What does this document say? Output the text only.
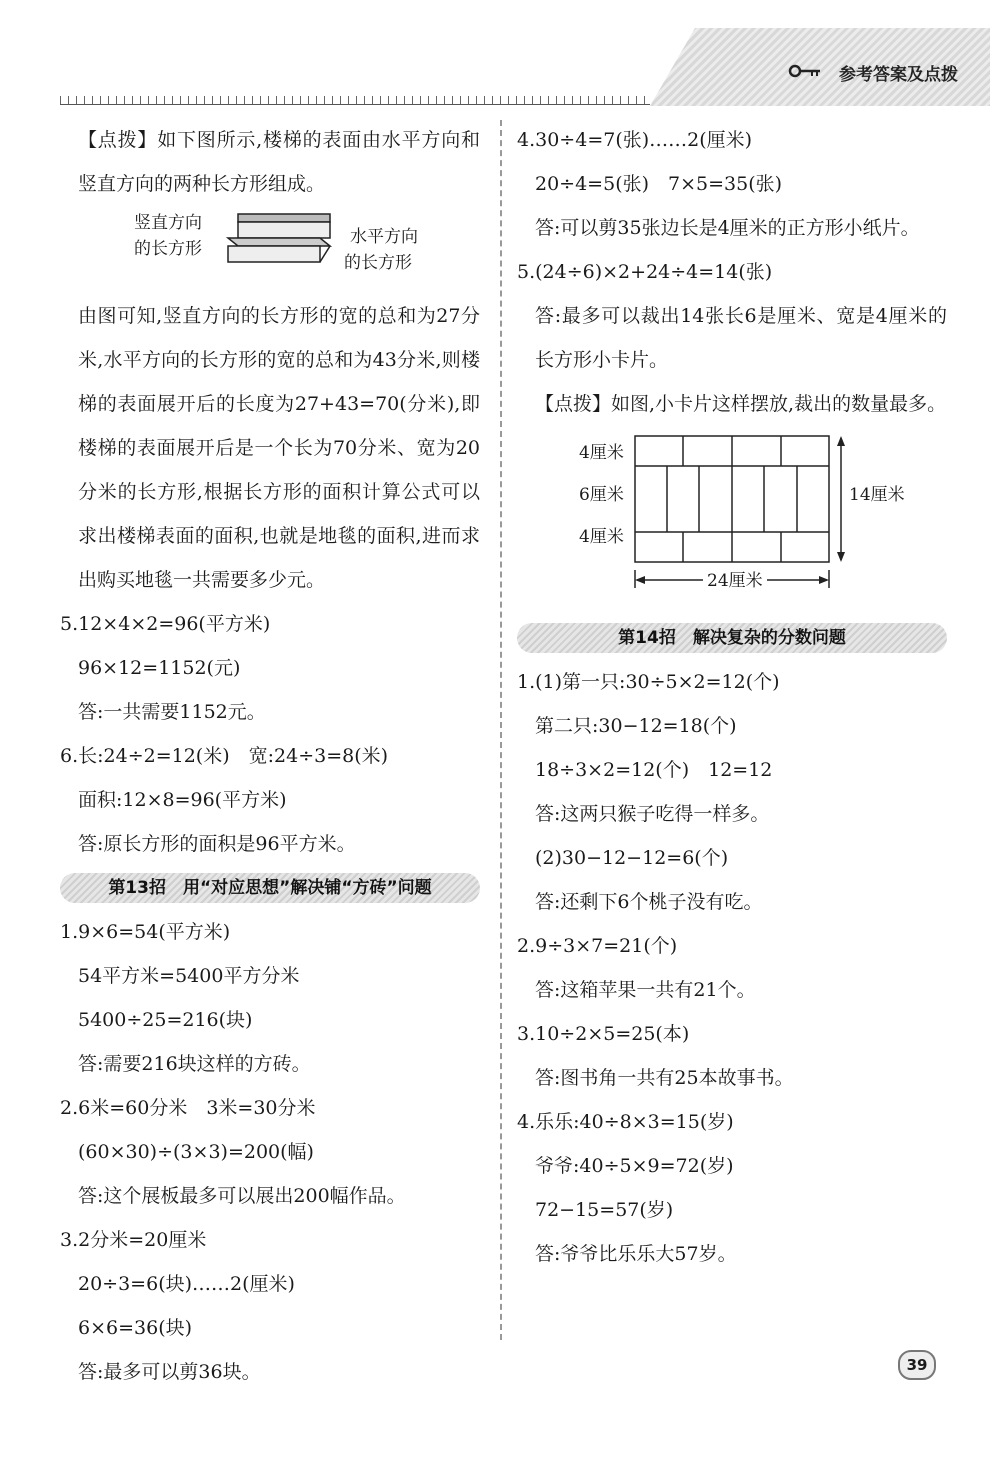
参考答案及点拨
【点拨】如下图所示,楼梯的表面由水平方向和竖直方向的两种长方形组成。
竖直方向
的长方形
水平方向
的长方形
由图可知,竖直方向的长方形的宽的总和为27分米,水平方向的长方形的宽的总和为43分米,则楼梯的表面展开后的长度为27+43=70(分米),即楼梯的表面展开后是一个长为70分米、宽为20分米的长方形,根据长方形的面积计算公式可以求出楼梯表面的面积,也就是地毯的面积,进而求出购买地毯一共需要多少元。
5.12×4×2=96(平方米)
96×12=1152(元)
答:一共需要1152元。
6.长:24÷2=12(米)　宽:24÷3=8(米)
面积:12×8=96(平方米)
答:原长方形的面积是96平方米。
第13招　用“对应思想”解决铺“方砖”问题
1.9×6=54(平方米)
54平方米=5400平方分米
5400÷25=216(块)
答:需要216块这样的方砖。
2.6米=60分米　3米=30分米
(60×30)÷(3×3)=200(幅)
答:这个展板最多可以展出200幅作品。
3.2分米=20厘米
20÷3=6(块)……2(厘米)
6×6=36(块)
答:最多可以剪36块。
4.30÷4=7(张)……2(厘米)
20÷4=5(张)　7×5=35(张)
答:可以剪35张边长是4厘米的正方形小纸片。
5.(24÷6)×2+24÷4=14(张)
答:最多可以裁出14张长6是厘米、宽是4厘米的长方形小卡片。
【点拨】如图,小卡片这样摆放,裁出的数量最多。
4厘米
6厘米
4厘米
14厘米
24厘米
第14招　解决复杂的分数问题
1.(1)第一只:30÷5×2=12(个)
第二只:30−12=18(个)
18÷3×2=12(个)　12=12
答:这两只猴子吃得一样多。
(2)30−12−12=6(个)
答:还剩下6个桃子没有吃。
2.9÷3×7=21(个)
答:这箱苹果一共有21个。
3.10÷2×5=25(本)
答:图书角一共有25本故事书。
4.乐乐:40÷8×3=15(岁)
爷爷:40÷5×9=72(岁)
72−15=57(岁)
答:爷爷比乐乐大57岁。
39
